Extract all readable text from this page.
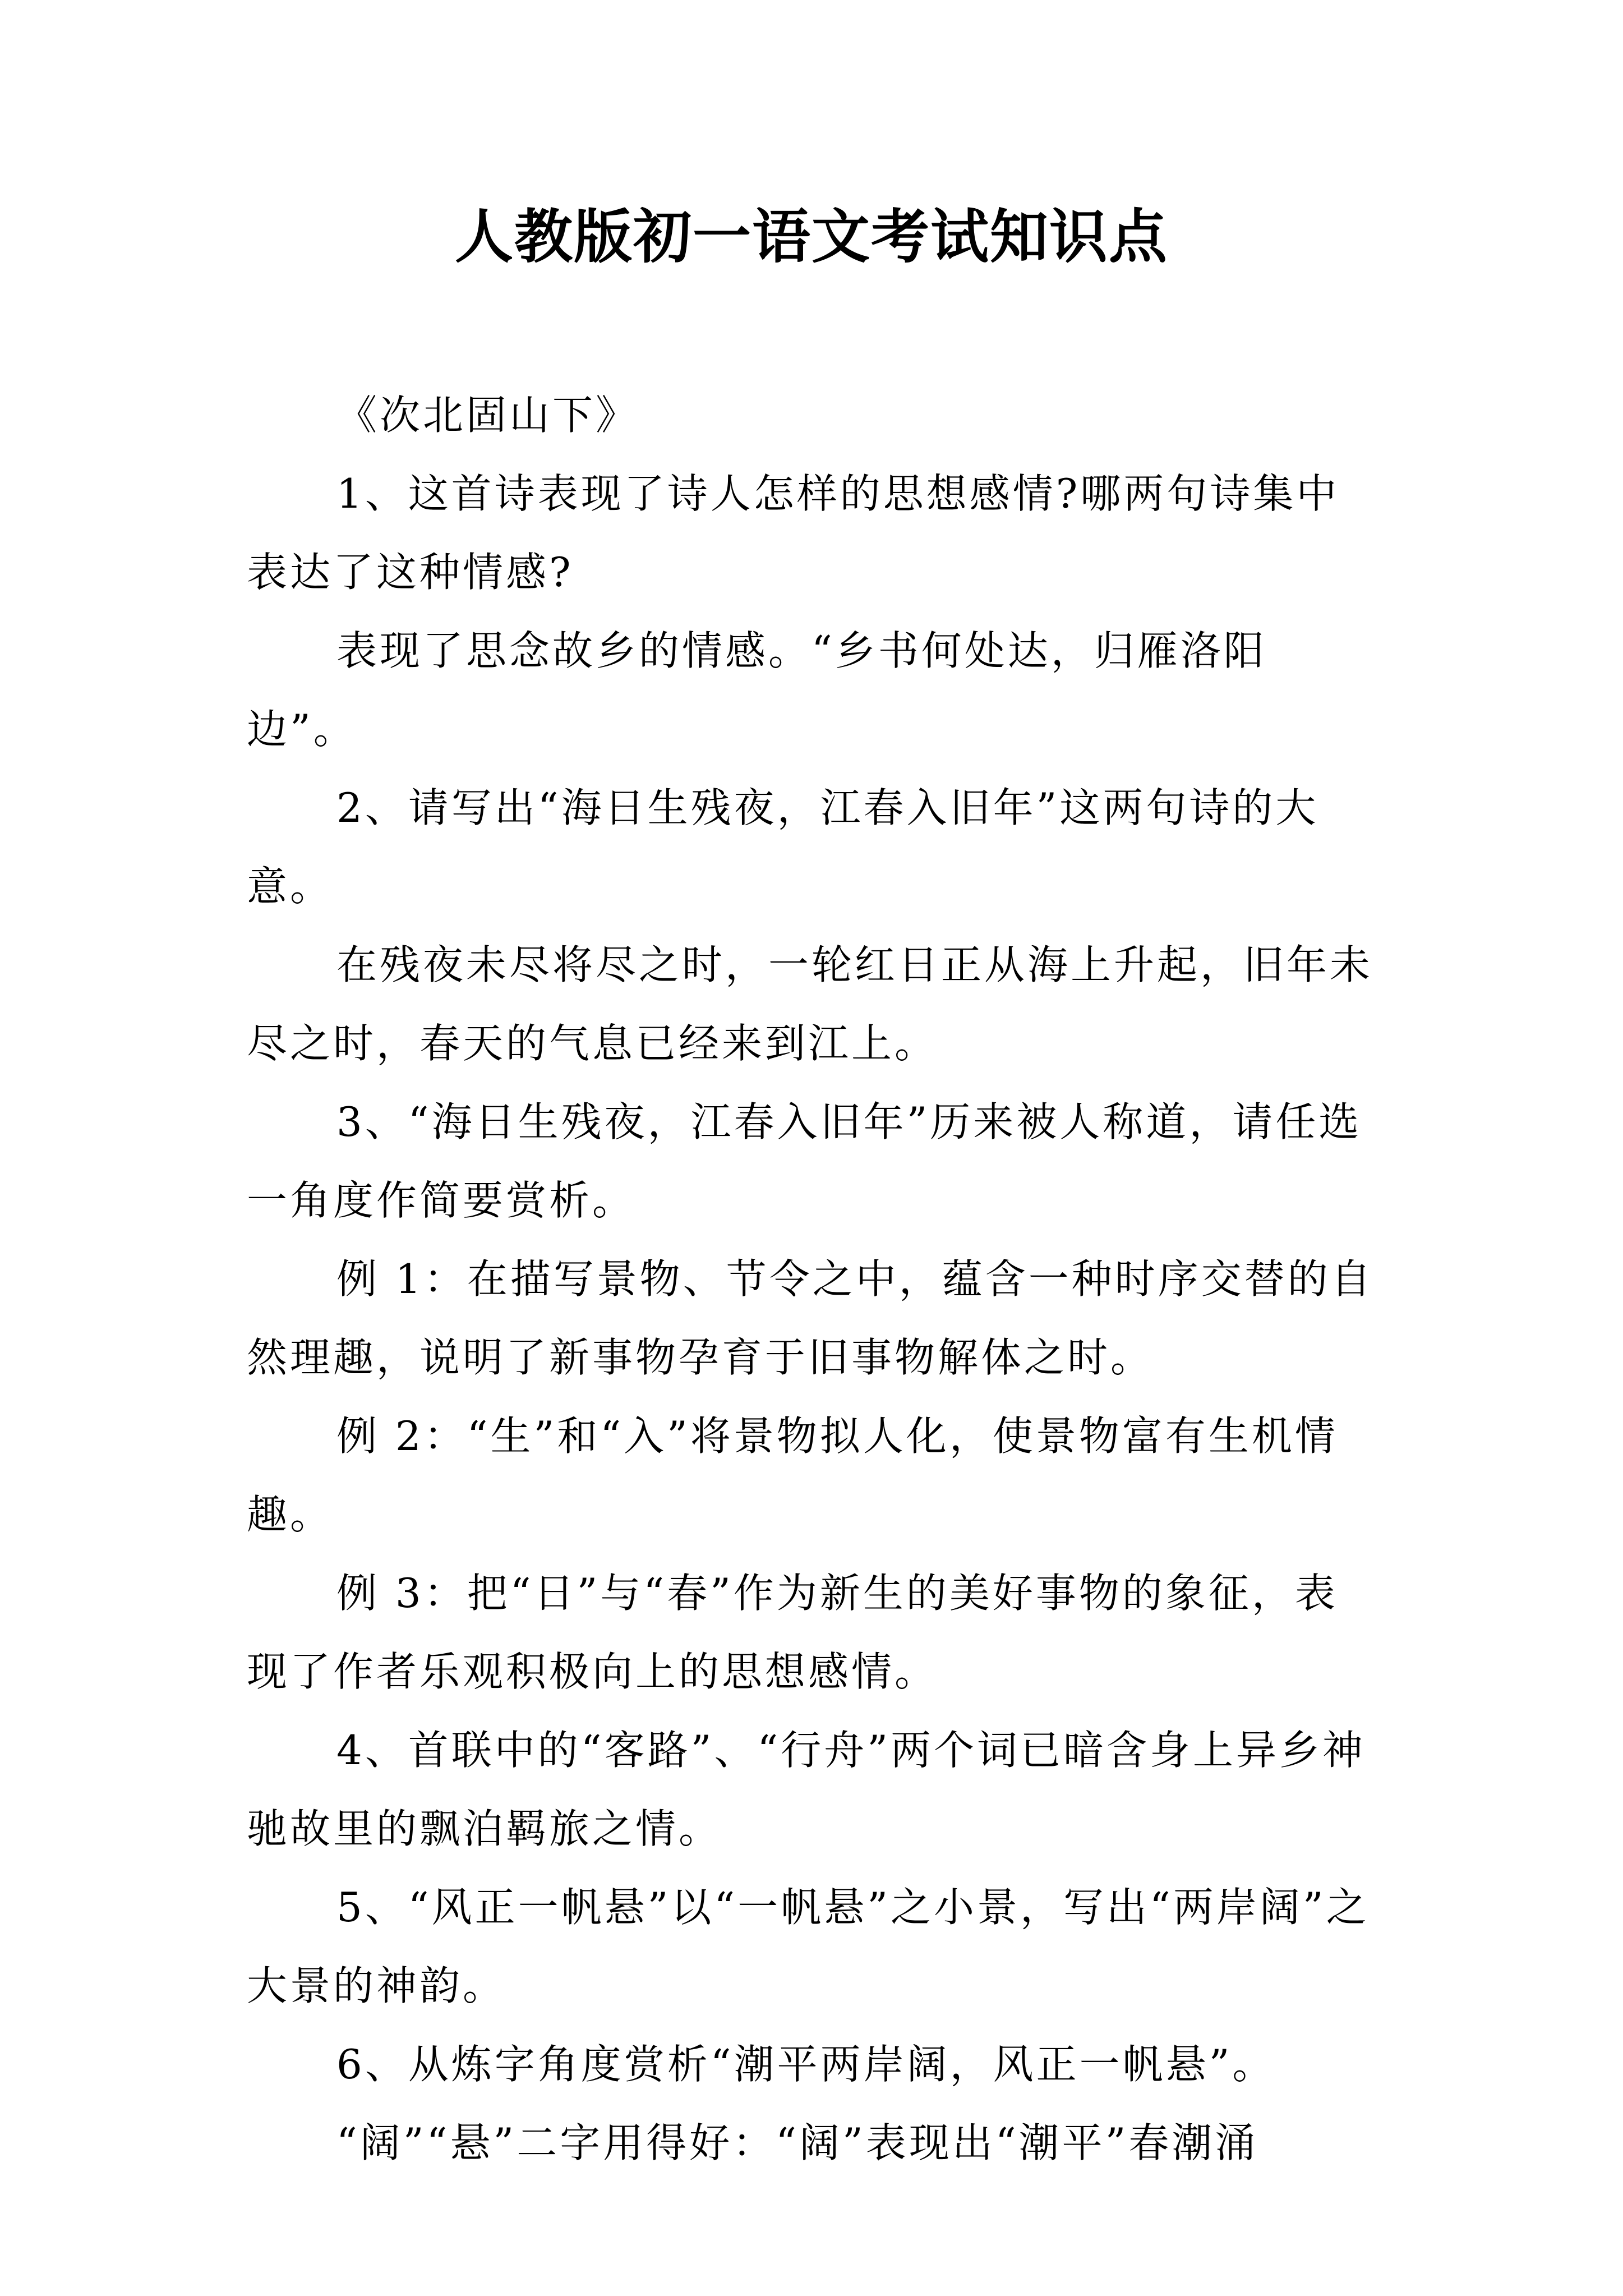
人教版初一语文考试知识点

《次北固山下》

1、这首诗表现了诗人怎样的思想感情?哪两句诗集中表达了这种情感?

表现了思念故乡的情感。“乡书何处达，归雁洛阳边”。

2、请写出“海日生残夜，江春入旧年”这两句诗的大意。

在残夜未尽将尽之时，一轮红日正从海上升起，旧年未尽之时，春天的气息已经来到江上。

3、“海日生残夜，江春入旧年”历来被人称道，请任选一角度作简要赏析。

例 1：在描写景物、节令之中，蕴含一种时序交替的自然理趣，说明了新事物孕育于旧事物解体之时。

例 2：“生”和“入”将景物拟人化，使景物富有生机情趣。

例 3：把“日”与“春”作为新生的美好事物的象征，表现了作者乐观积极向上的思想感情。

4、首联中的“客路”、“行舟”两个词已暗含身上异乡神驰故里的飘泊羁旅之情。

5、“风正一帆悬”以“一帆悬”之小景，写出“两岸阔”之大景的神韵。

6、从炼字角度赏析“潮平两岸阔，风正一帆悬”。

“阔”“悬”二字用得好：“阔”表现出“潮平”春潮涌
